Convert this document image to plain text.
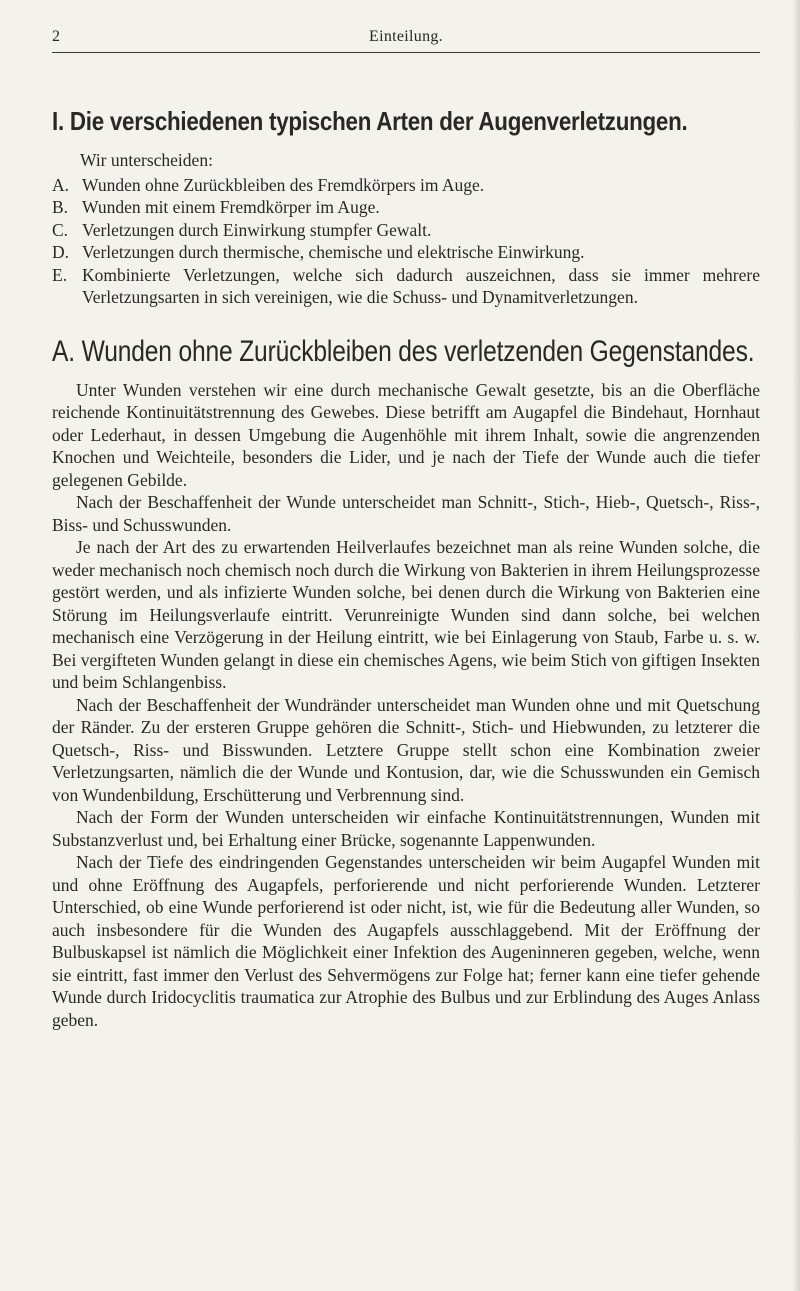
2	Einteilung.
I. Die verschiedenen typischen Arten der Augenverletzungen.
Wir unterscheiden:
A. Wunden ohne Zurückbleiben des Fremdkörpers im Auge.
B. Wunden mit einem Fremdkörper im Auge.
C. Verletzungen durch Einwirkung stumpfer Gewalt.
D. Verletzungen durch thermische, chemische und elektrische Einwirkung.
E. Kombinierte Verletzungen, welche sich dadurch auszeichnen, dass sie immer mehrere Verletzungsarten in sich vereinigen, wie die Schuss- und Dynamitverletzungen.
A. Wunden ohne Zurückbleiben des verletzenden Gegenstandes.

Unter Wunden verstehen wir eine durch mechanische Gewalt gesetzte, bis an die Oberfläche reichende Kontinuitätstrennung des Gewebes. Diese betrifft am Augapfel die Bindehaut, Hornhaut oder Lederhaut, in dessen Umgebung die Augenhöhle mit ihrem Inhalt, sowie die angrenzenden Knochen und Weichteile, besonders die Lider, und je nach der Tiefe der Wunde auch die tiefer gelegenen Gebilde.

Nach der Beschaffenheit der Wunde unterscheidet man Schnitt-, Stich-, Hieb-, Quetsch-, Riss-, Biss- und Schusswunden.

Je nach der Art des zu erwartenden Heilverlaufes bezeichnet man als reine Wunden solche, die weder mechanisch noch chemisch noch durch die Wirkung von Bakterien in ihrem Heilungsprozesse gestört werden, und als infizierte Wunden solche, bei denen durch die Wirkung von Bakterien eine Störung im Heilungsverlaufe eintritt. Verunreinigte Wunden sind dann solche, bei welchen mechanisch eine Verzögerung in der Heilung eintritt, wie bei Einlagerung von Staub, Farbe u. s. w. Bei vergifteten Wunden gelangt in diese ein chemisches Agens, wie beim Stich von giftigen Insekten und beim Schlangenbiss.

Nach der Beschaffenheit der Wundränder unterscheidet man Wunden ohne und mit Quetschung der Ränder. Zu der ersteren Gruppe gehören die Schnitt-, Stich- und Hiebwunden, zu letzterer die Quetsch-, Riss- und Bisswunden. Letztere Gruppe stellt schon eine Kombination zweier Verletzungsarten, nämlich die der Wunde und Kontusion, dar, wie die Schusswunden ein Gemisch von Wundenbildung, Erschütterung und Verbrennung sind.

Nach der Form der Wunden unterscheiden wir einfache Kontinuitätstrennungen, Wunden mit Substanzverlust und, bei Erhaltung einer Brücke, sogenannte Lappenwunden.

Nach der Tiefe des eindringenden Gegenstandes unterscheiden wir beim Augapfel Wunden mit und ohne Eröffnung des Augapfels, perforierende und nicht perforierende Wunden. Letzterer Unterschied, ob eine Wunde perforierend ist oder nicht, ist, wie für die Bedeutung aller Wunden, so auch insbesondere für die Wunden des Augapfels ausschlaggebend. Mit der Eröffnung der Bulbuskapsel ist nämlich die Möglichkeit einer Infektion des Augeninneren gegeben, welche, wenn sie eintritt, fast immer den Verlust des Sehvermögens zur Folge hat; ferner kann eine tiefer gehende Wunde durch Iridocyclitis traumatica zur Atrophie des Bulbus und zur Erblindung des Auges Anlass geben.
